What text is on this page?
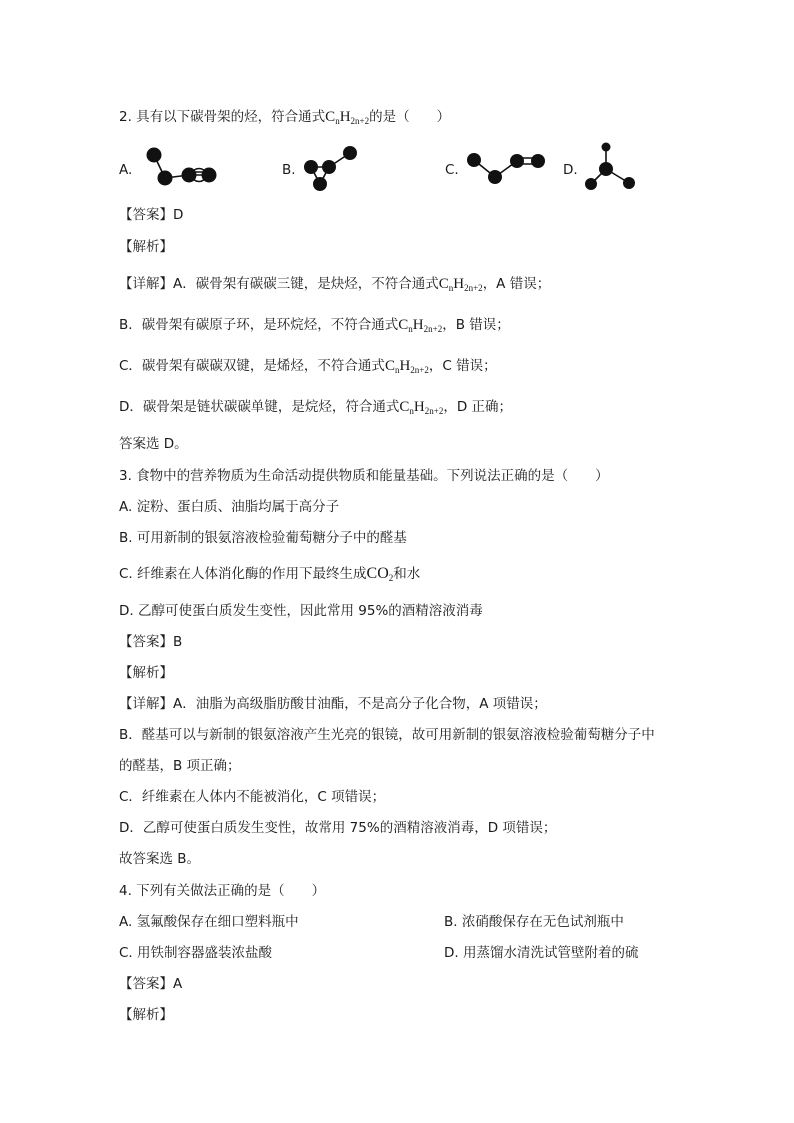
2. 具有以下碳骨架的烃，符合通式$C_nH_{2n+2}$的是（　　）
A.	B.	C.	D.
【答案】D
【解析】
【详解】A．碳骨架有碳碳三键，是炔烃，不符合通式$C_nH_{2n+2}$，A 错误；
B．碳骨架有碳原子环，是环烷烃，不符合通式$C_nH_{2n+2}$，B 错误；
C．碳骨架有碳碳双键，是烯烃，不符合通式$C_nH_{2n+2}$，C 错误；
D．碳骨架是链状碳碳单键，是烷烃，符合通式$C_nH_{2n+2}$，D 正确；
答案选 D。
3. 食物中的营养物质为生命活动提供物质和能量基础。下列说法正确的是（　　）
A. 淀粉、蛋白质、油脂均属于高分子
B. 可用新制的银氨溶液检验葡萄糖分子中的醛基
C. 纤维素在人体消化酶的作用下最终生成$CO_2$和水
D. 乙醇可使蛋白质发生变性，因此常用 95%的酒精溶液消毒
【答案】B
【解析】
【详解】A．油脂为高级脂肪酸甘油酯，不是高分子化合物，A 项错误；
B．醛基可以与新制的银氨溶液产生光亮的银镜，故可用新制的银氨溶液检验葡萄糖分子中
的醛基，B 项正确；
C．纤维素在人体内不能被消化，C 项错误；
D．乙醇可使蛋白质发生变性，故常用 75%的酒精溶液消毒，D 项错误；
故答案选 B。
4. 下列有关做法正确的是（　　）
A. 氢氟酸保存在细口塑料瓶中	B. 浓硝酸保存在无色试剂瓶中
C. 用铁制容器盛装浓盐酸	D. 用蒸馏水清洗试管壁附着的硫
【答案】A
【解析】
